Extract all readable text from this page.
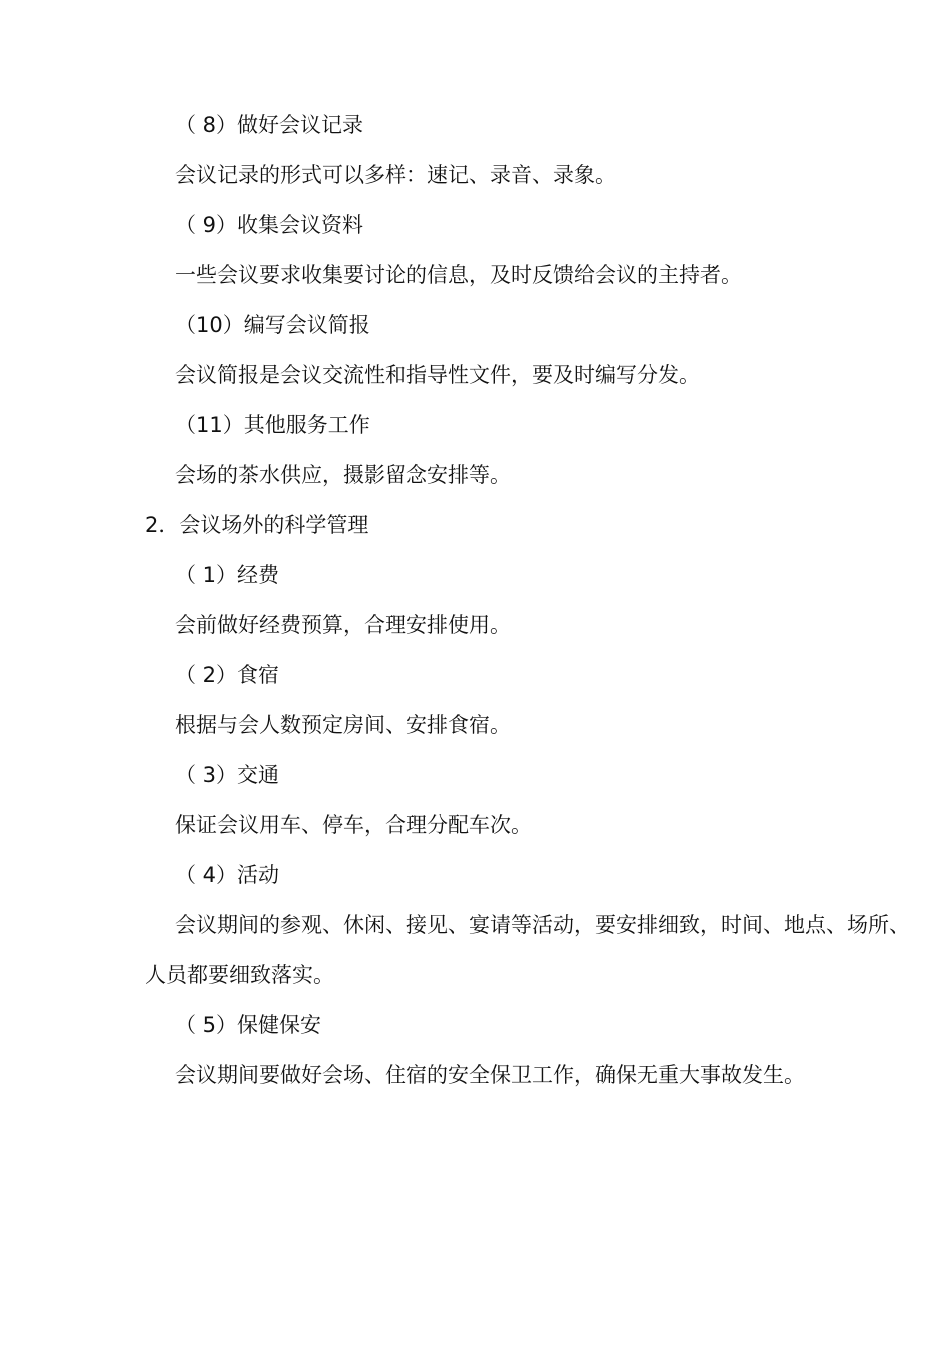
（ 8）做好会议记录
会议记录的形式可以多样：速记、录音、录象。
（ 9）收集会议资料
一些会议要求收集要讨论的信息，及时反馈给会议的主持者。
（10）编写会议简报
会议简报是会议交流性和指导性文件，要及时编写分发。
（11）其他服务工作
会场的茶水供应，摄影留念安排等。
2．会议场外的科学管理
（ 1）经费
会前做好经费预算，合理安排使用。
（ 2）食宿
根据与会人数预定房间、安排食宿。
（ 3）交通
保证会议用车、停车，合理分配车次。
（ 4）活动
会议期间的参观、休闲、接见、宴请等活动，要安排细致，时间、地点、场所、人员都要细致落实。
（ 5）保健保安
会议期间要做好会场、住宿的安全保卫工作，确保无重大事故发生。
